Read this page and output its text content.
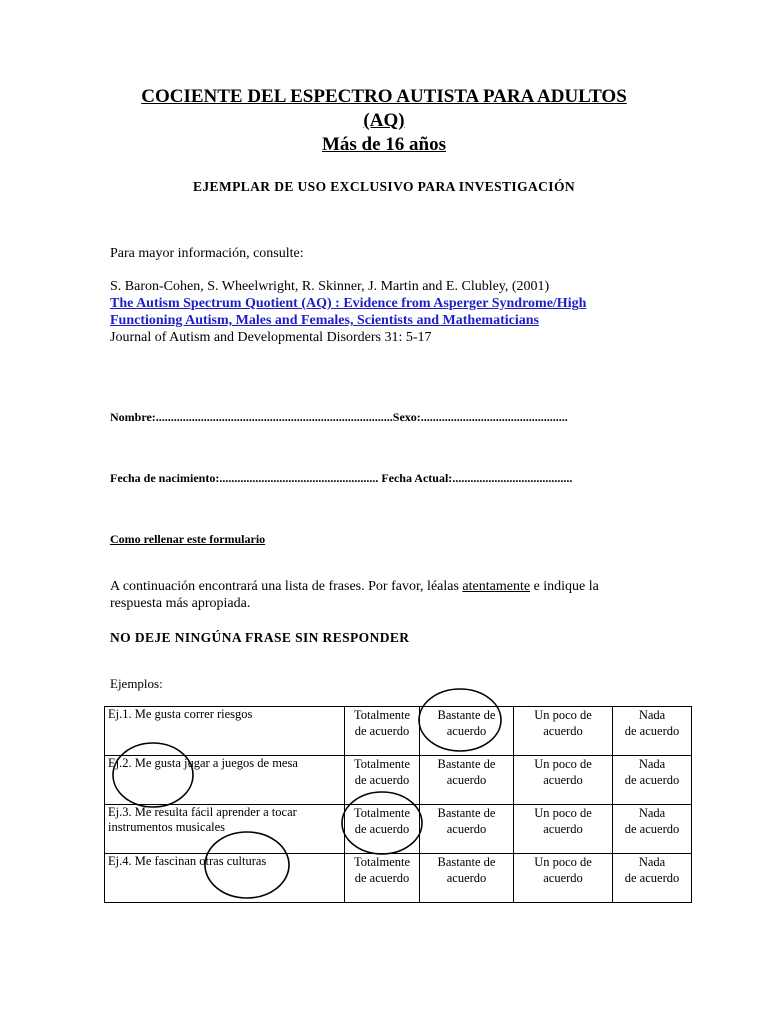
COCIENTE DEL ESPECTRO AUTISTA PARA ADULTOS
(AQ)
Más de 16 años
EJEMPLAR DE USO EXCLUSIVO PARA INVESTIGACIÓN
Para mayor información, consulte:
S. Baron-Cohen, S. Wheelwright, R. Skinner, J. Martin and E. Clubley, (2001)
The Autism Spectrum Quotient (AQ) : Evidence from Asperger Syndrome/High
Functioning Autism, Males and Females, Scientists and Mathematicians
Journal of Autism and Developmental Disorders 31: 5-17
Nombre:...............................................................................Sexo:.................................................
Fecha de nacimiento:..................................................... Fecha Actual:........................................
Como rellenar este formulario
A continuación encontrará una lista de frases. Por favor, léalas atentamente e indique la
respuesta más apropiada.
NO DEJE NINGÚNA FRASE SIN RESPONDER
Ejemplos:
Ej.1. Me gusta correr riesgos	Totalmente
de acuerdo	Bastante de
acuerdo	Un poco de
acuerdo	Nada
de acuerdo
Ej.2. Me gusta jugar a juegos de mesa	Totalmente
de acuerdo	Bastante de
acuerdo	Un poco de
acuerdo	Nada
de acuerdo
Ej.3. Me resulta fácil aprender a tocar
instrumentos musicales	Totalmente
de acuerdo	Bastante de
acuerdo	Un poco de
acuerdo	Nada
de acuerdo
Ej.4. Me fascinan otras culturas	Totalmente
de acuerdo	Bastante de
acuerdo	Un poco de
acuerdo	Nada
de acuerdo
